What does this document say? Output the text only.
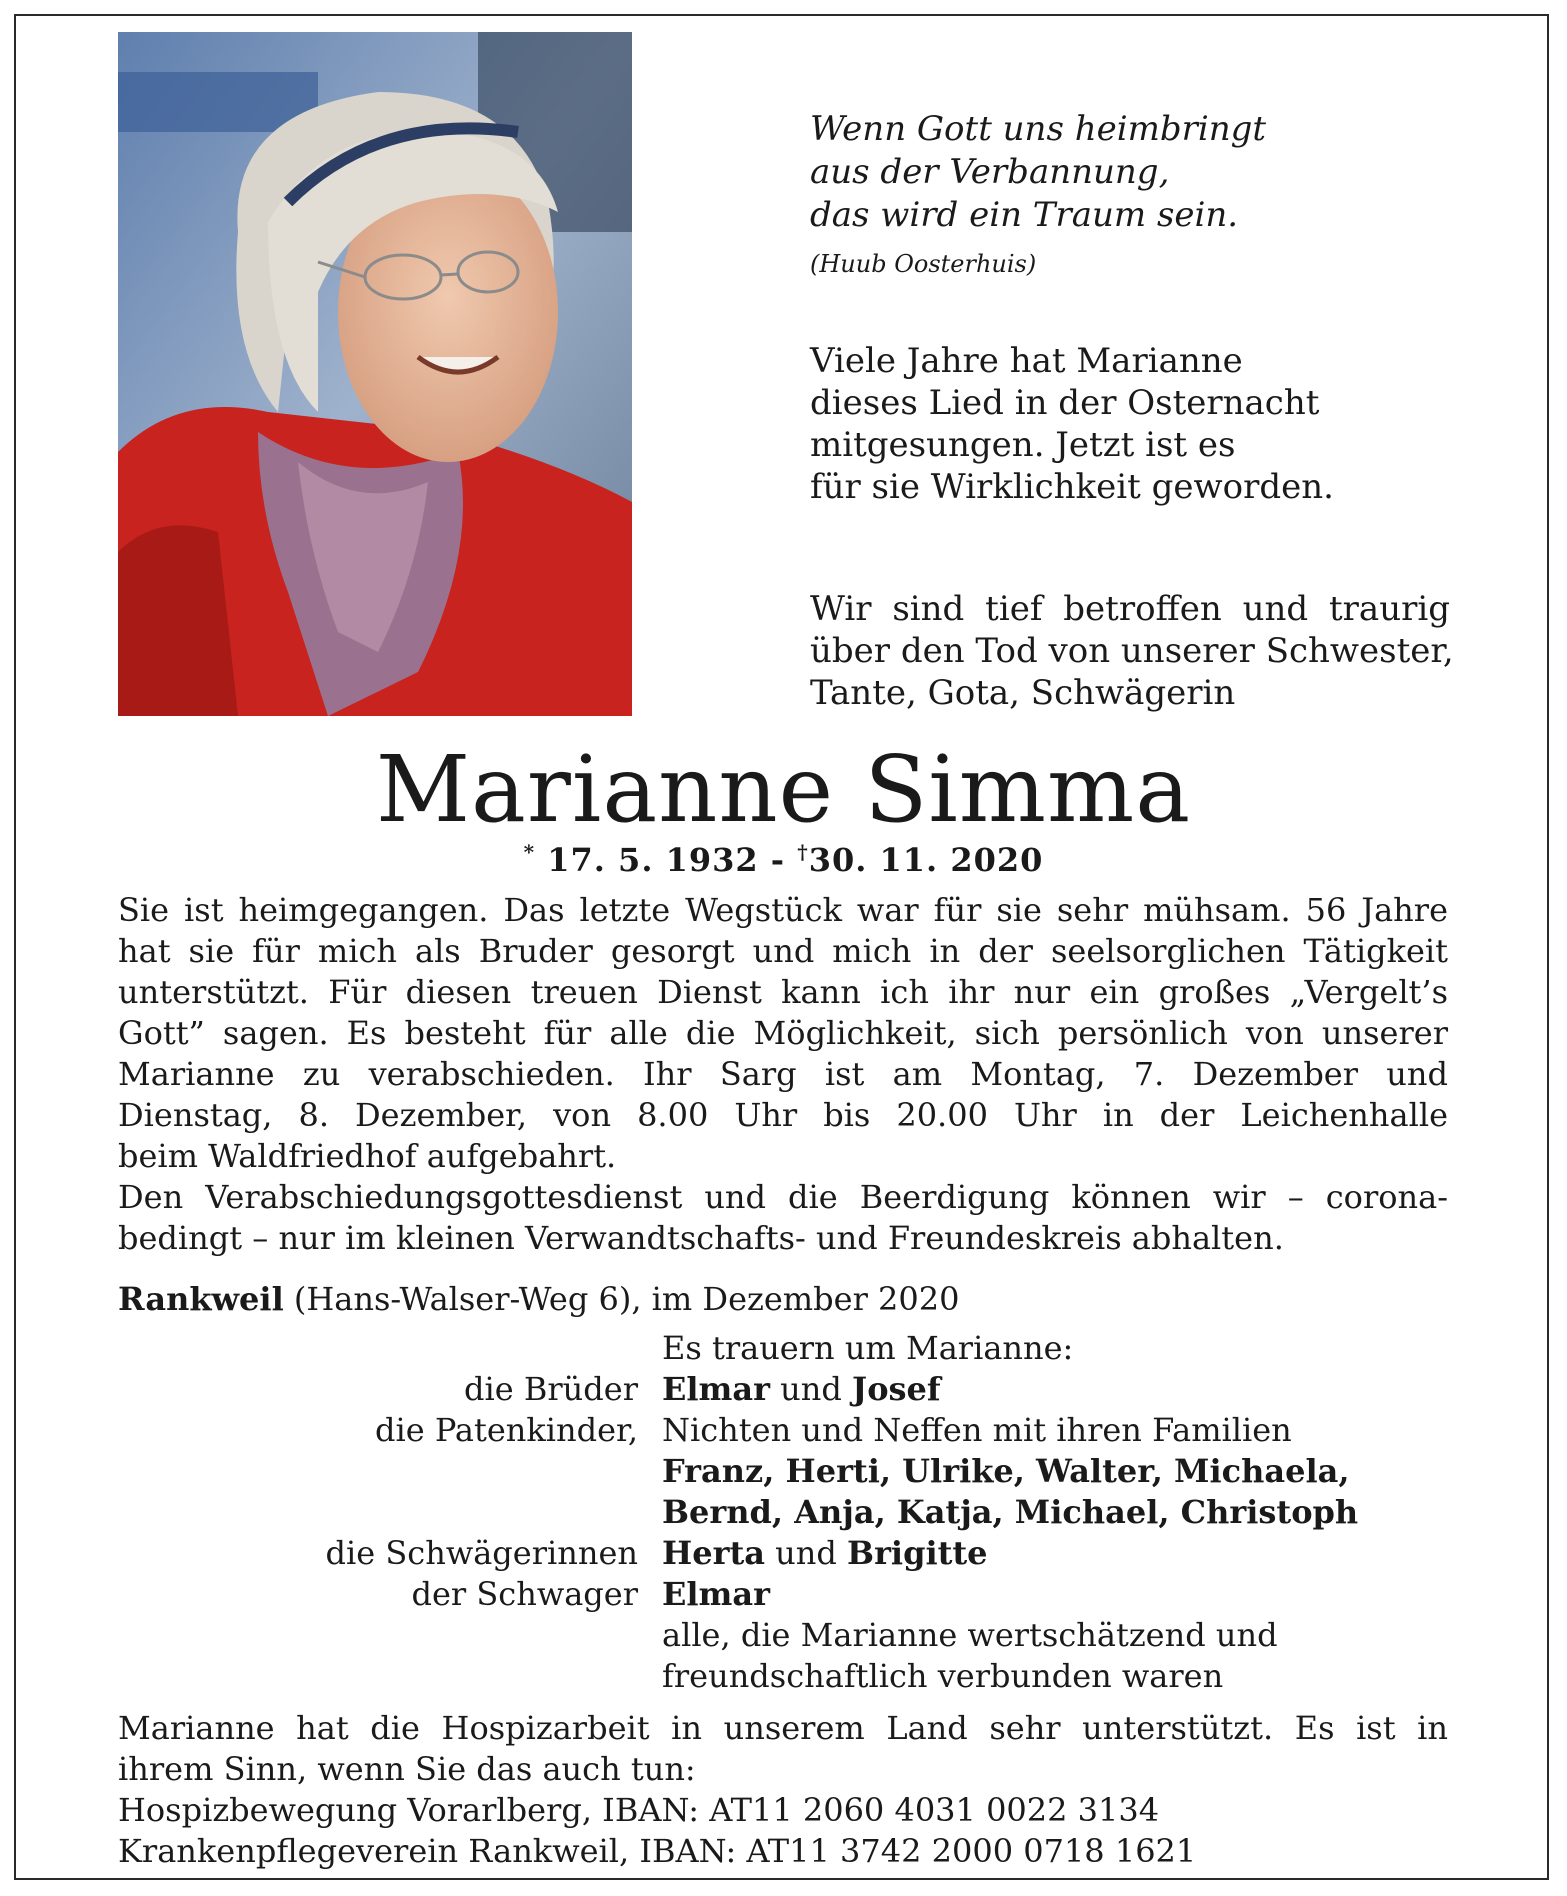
Wenn Gott uns heimbringt
aus der Verbannung,
das wird ein Traum sein.
(Huub Oosterhuis)
Viele Jahre hat Marianne
dieses Lied in der Osternacht
mitgesungen. Jetzt ist es
für sie Wirklichkeit geworden.
Wir sind tief betroffen und traurig
über den Tod von unserer Schwester,
Tante, Gota, Schwägerin
Marianne Simma
* 17. 5. 1932 - †30. 11. 2020
Sie ist heimgegangen. Das letzte Wegstück war für sie sehr mühsam. 56 Jahre
hat sie für mich als Bruder gesorgt und mich in der seelsorglichen Tätigkeit
unterstützt. Für diesen treuen Dienst kann ich ihr nur ein großes „Vergelt’s
Gott” sagen. Es besteht für alle die Möglichkeit, sich persönlich von unserer
Marianne zu verabschieden. Ihr Sarg ist am Montag, 7. Dezember und
Dienstag, 8. Dezember, von 8.00 Uhr bis 20.00 Uhr in der Leichenhalle
beim Waldfriedhof aufgebahrt.
Den Verabschiedungsgottesdienst und die Beerdigung können wir – corona-
bedingt – nur im kleinen Verwandtschafts- und Freundeskreis abhalten.
Rankweil (Hans-Walser-Weg 6), im Dezember 2020
Es trauern um Marianne:
die Brüder Elmar und Josef
die Patenkinder, Nichten und Neffen mit ihren Familien
Franz, Herti, Ulrike, Walter, Michaela,
Bernd, Anja, Katja, Michael, Christoph
die Schwägerinnen Herta und Brigitte
der Schwager Elmar
alle, die Marianne wertschätzend und
freundschaftlich verbunden waren
Marianne hat die Hospizarbeit in unserem Land sehr unterstützt. Es ist in
ihrem Sinn, wenn Sie das auch tun:
Hospizbewegung Vorarlberg, IBAN: AT11 2060 4031 0022 3134
Krankenpflegeverein Rankweil, IBAN: AT11 3742 2000 0718 1621
